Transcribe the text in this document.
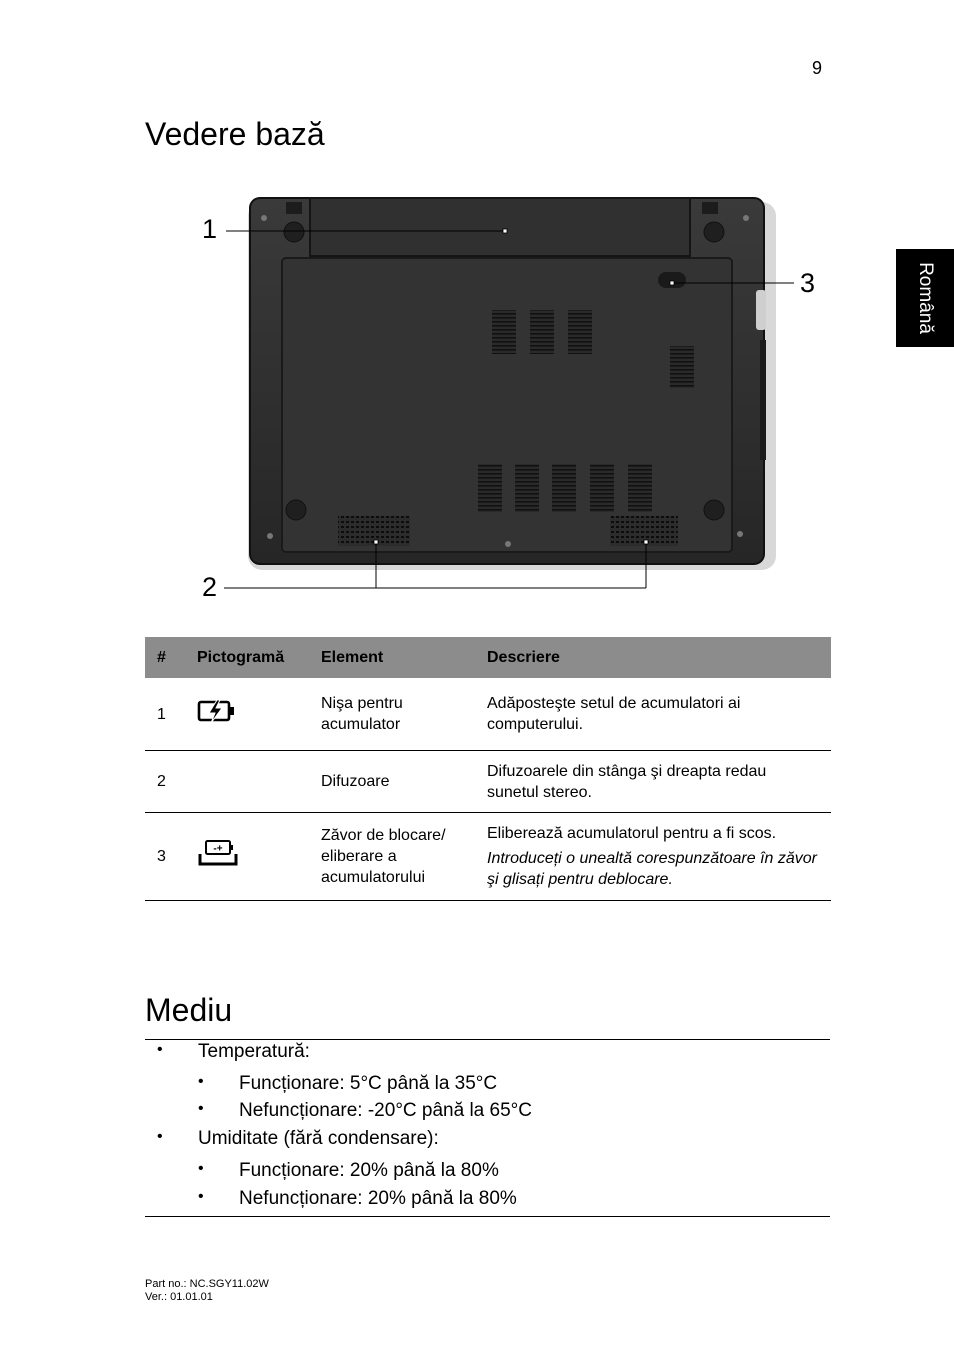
9
Română
Vedere bază
1
2
3
#	Pictogramă	Element	Descriere
1		Nişa pentru acumulator	Adăposteşte setul de acumulatori ai computerului.
2		Difuzoare	Difuzoarele din stânga şi dreapta redau sunetul stereo.
3	-+	Zăvor de blocare/ eliberare a acumulatorului	Eliberează acumulatorul pentru a fi scos.
Introduceți o unealtă corespunzătoare în zăvor şi glisați pentru deblocare.
Mediu
• Temperatură:
• Funcționare: 5°C până la 35°C
• Nefuncționare: -20°C până la 65°C
• Umiditate (fără condensare):
• Funcționare: 20% până la 80%
• Nefuncționare: 20% până la 80%
Part no.: NC.SGY11.02W
Ver.: 01.01.01
